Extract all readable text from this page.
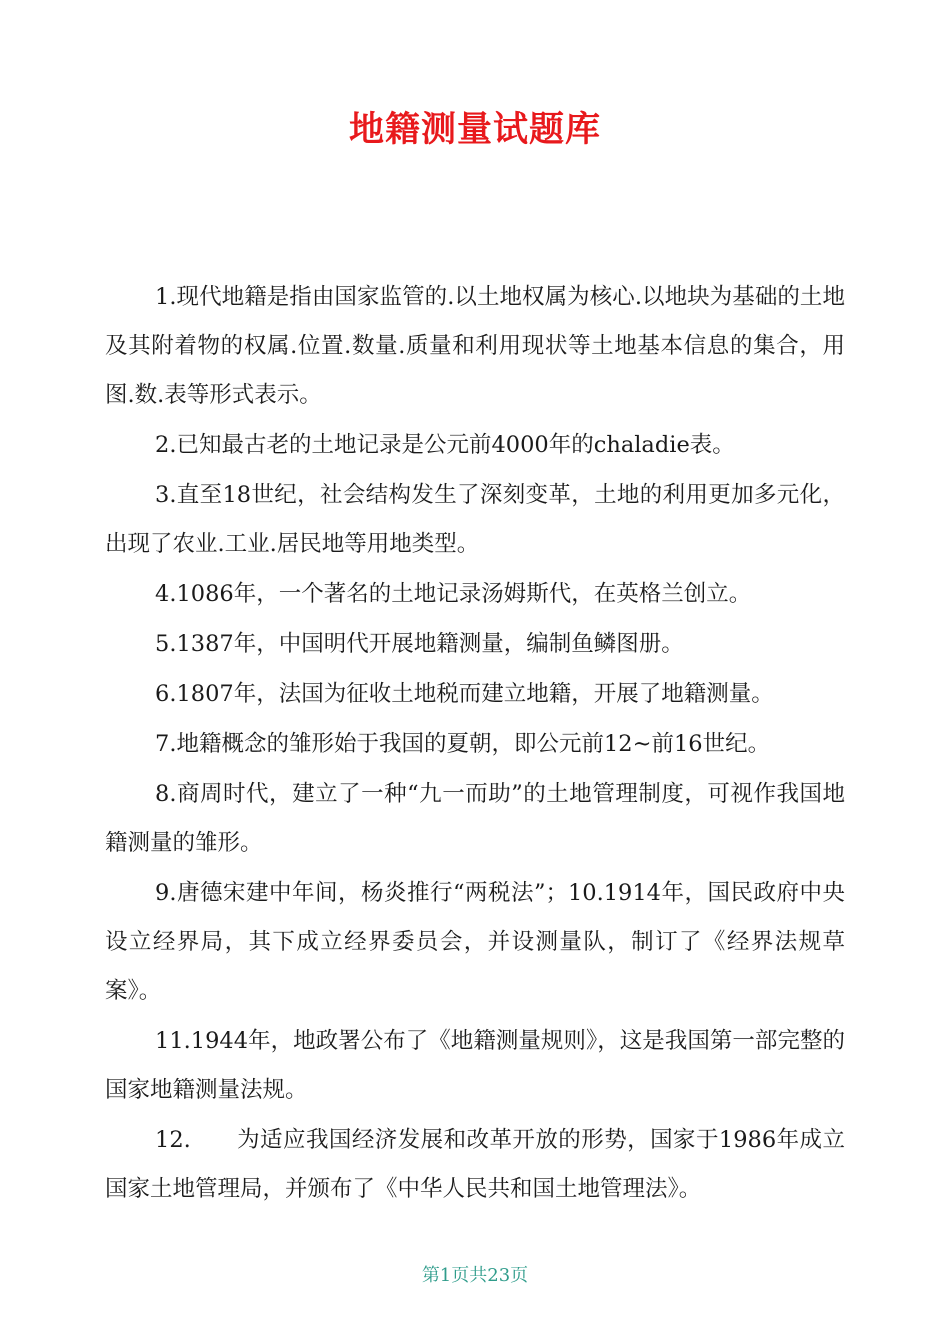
地籍测量试题库

1.现代地籍是指由国家监管的.以土地权属为核心.以地块为基础的土地及其附着物的权属.位置.数量.质量和利用现状等土地基本信息的集合，用图.数.表等形式表示。

2.已知最古老的土地记录是公元前4000年的chaladie表。

3.直至18世纪，社会结构发生了深刻变革，土地的利用更加多元化，出现了农业.工业.居民地等用地类型。

4.1086年，一个著名的土地记录汤姆斯代，在英格兰创立。

5.1387年，中国明代开展地籍测量，编制鱼鳞图册。

6.1807年，法国为征收土地税而建立地籍，开展了地籍测量。

7.地籍概念的雏形始于我国的夏朝，即公元前12~前16世纪。

8.商周时代，建立了一种“九一而助”的土地管理制度，可视作我国地籍测量的雏形。

9.唐德宋建中年间，杨炎推行“两税法”；10.1914年，国民政府中央设立经界局，其下成立经界委员会，并设测量队，制订了《经界法规草案》。

11.1944年，地政署公布了《地籍测量规则》，这是我国第一部完整的国家地籍测量法规。

12.　　为适应我国经济发展和改革开放的形势，国家于1986年成立国家土地管理局，并颁布了《中华人民共和国土地管理法》。

第1页共23页
